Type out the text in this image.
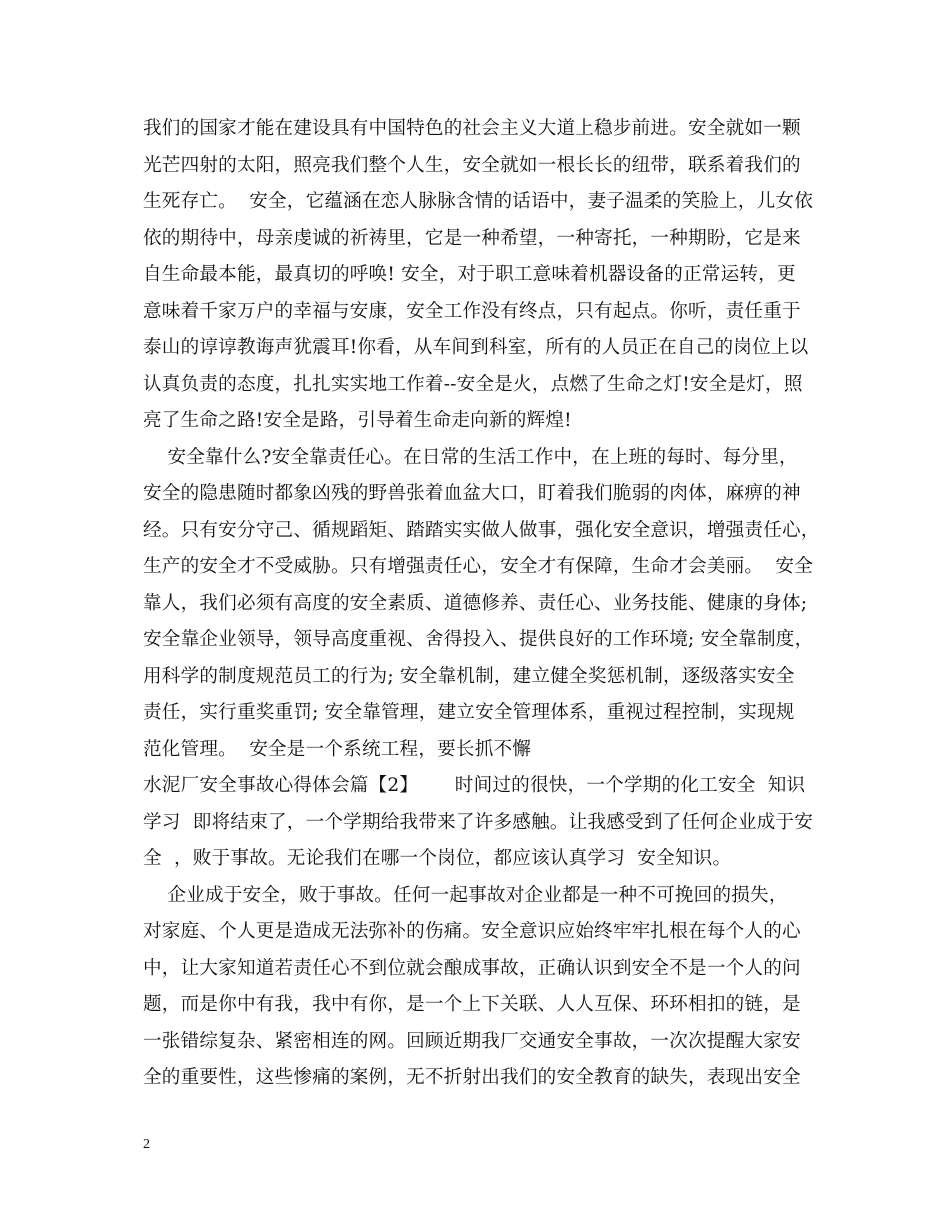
我们的国家才能在建设具有中国特色的社会主义大道上稳步前进。安全就如一颗
光芒四射的太阳，照亮我们整个人生，安全就如一根长长的纽带，联系着我们的
生死存亡。  安全，它蕴涵在恋人脉脉含情的话语中，妻子温柔的笑脸上，儿女依
依的期待中，母亲虔诚的祈祷里，它是一种希望，一种寄托，一种期盼，它是来
自生命最本能，最真切的呼唤! 安全，对于职工意味着机器设备的正常运转，更
意味着千家万户的幸福与安康，安全工作没有终点，只有起点。你听，责任重于
泰山的谆谆教诲声犹震耳!你看，从车间到科室，所有的人员正在自己的岗位上以
认真负责的态度，扎扎实实地工作着--安全是火，点燃了生命之灯!安全是灯，照
亮了生命之路!安全是路，引导着生命走向新的辉煌!
安全靠什么?安全靠责任心。在日常的生活工作中，在上班的每时、每分里，
安全的隐患随时都象凶残的野兽张着血盆大口，盯着我们脆弱的肉体，麻痹的神
经。只有安分守己、循规蹈矩、踏踏实实做人做事，强化安全意识，增强责任心，
生产的安全才不受威胁。只有增强责任心，安全才有保障，生命才会美丽。  安全
靠人，我们必须有高度的安全素质、道德修养、责任心、业务技能、健康的身体;
安全靠企业领导，领导高度重视、舍得投入、提供良好的工作环境; 安全靠制度，
用科学的制度规范员工的行为; 安全靠机制，建立健全奖惩机制，逐级落实安全
责任，实行重奖重罚; 安全靠管理，建立安全管理体系，重视过程控制，实现规
范化管理。  安全是一个系统工程，要长抓不懈
水泥厂安全事故心得体会篇【2】      时间过的很快，一个学期的化工安全  知识
学习  即将结束了，一个学期给我带来了许多感触。让我感受到了任何企业成于安
全  ，败于事故。无论我们在哪一个岗位，都应该认真学习  安全知识。
企业成于安全，败于事故。任何一起事故对企业都是一种不可挽回的损失，
对家庭、个人更是造成无法弥补的伤痛。安全意识应始终牢牢扎根在每个人的心
中，让大家知道若责任心不到位就会酿成事故，正确认识到安全不是一个人的问
题，而是你中有我，我中有你，是一个上下关联、人人互保、环环相扣的链，是
一张错综复杂、紧密相连的网。回顾近期我厂交通安全事故，一次次提醒大家安
全的重要性，这些惨痛的案例，无不折射出我们的安全教育的缺失，表现出安全
2
